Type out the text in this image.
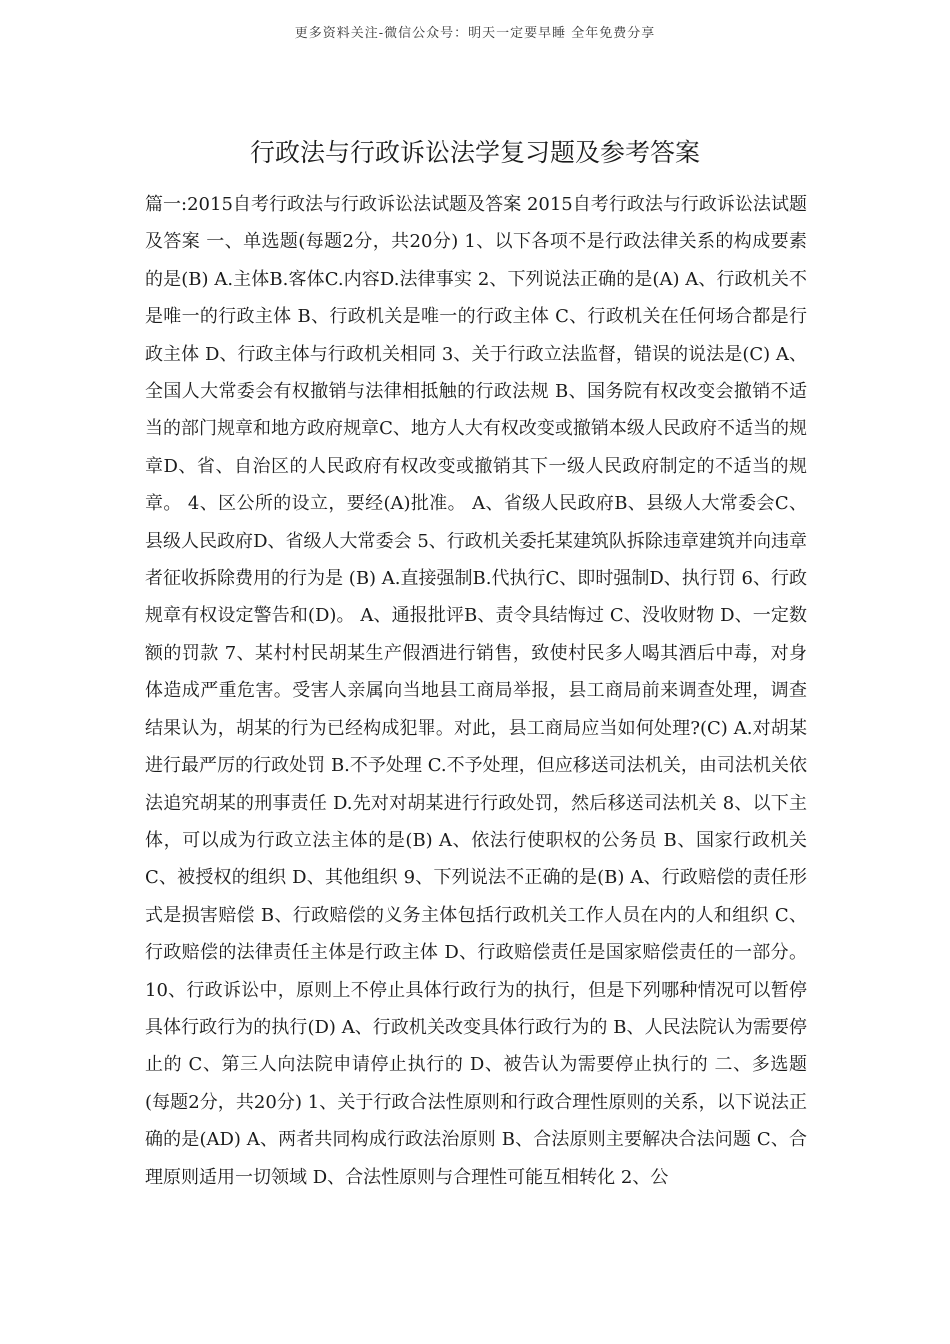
更多资料关注-微信公众号：明天一定要早睡 全年免费分享
行政法与行政诉讼法学复习题及参考答案

篇一:2015自考行政法与行政诉讼法试题及答案 2015自考行政法与行政诉讼法试题及答案 一、单选题(每题2分，共20分) 1、以下各项不是行政法律关系的构成要素的是(B) A.主体B.客体C.内容D.法律事实 2、下列说法正确的是(A) A、行政机关不是唯一的行政主体 B、行政机关是唯一的行政主体 C、行政机关在任何场合都是行政主体 D、行政主体与行政机关相同 3、关于行政立法监督，错误的说法是(C) A、全国人大常委会有权撤销与法律相抵触的行政法规 B、国务院有权改变会撤销不适当的部门规章和地方政府规章C、地方人大有权改变或撤销本级人民政府不适当的规章D、省、自治区的人民政府有权改变或撤销其下一级人民政府制定的不适当的规章。 4、区公所的设立，要经(A)批准。 A、省级人民政府B、县级人大常委会C、县级人民政府D、省级人大常委会 5、行政机关委托某建筑队拆除违章建筑并向违章者征收拆除费用的行为是 (B) A.直接强制B.代执行C、即时强制D、执行罚 6、行政规章有权设定警告和(D)。 A、通报批评B、责令具结悔过 C、没收财物 D、一定数额的罚款 7、某村村民胡某生产假酒进行销售，致使村民多人喝其酒后中毒，对身体造成严重危害。受害人亲属向当地县工商局举报，县工商局前来调查处理，调查结果认为，胡某的行为已经构成犯罪。对此，县工商局应当如何处理?(C) A.对胡某进行最严厉的行政处罚 B.不予处理 C.不予处理，但应移送司法机关，由司法机关依法追究胡某的刑事责任 D.先对对胡某进行行政处罚，然后移送司法机关 8、以下主体，可以成为行政立法主体的是(B) A、依法行使职权的公务员 B、国家行政机关 C、被授权的组织 D、其他组织 9、下列说法不正确的是(B) A、行政赔偿的责任形式是损害赔偿 B、行政赔偿的义务主体包括行政机关工作人员在内的人和组织 C、行政赔偿的法律责任主体是行政主体 D、行政赔偿责任是国家赔偿责任的一部分。 10、行政诉讼中，原则上不停止具体行政行为的执行，但是下列哪种情况可以暂停具体行政行为的执行(D) A、行政机关改变具体行政行为的 B、人民法院认为需要停止的 C、第三人向法院申请停止执行的 D、被告认为需要停止执行的 二、多选题(每题2分，共20分) 1、关于行政合法性原则和行政合理性原则的关系，以下说法正确的是(AD) A、两者共同构成行政法治原则 B、合法原则主要解决合法问题 C、合理原则适用一切领域 D、合法性原则与合理性可能互相转化 2、公
